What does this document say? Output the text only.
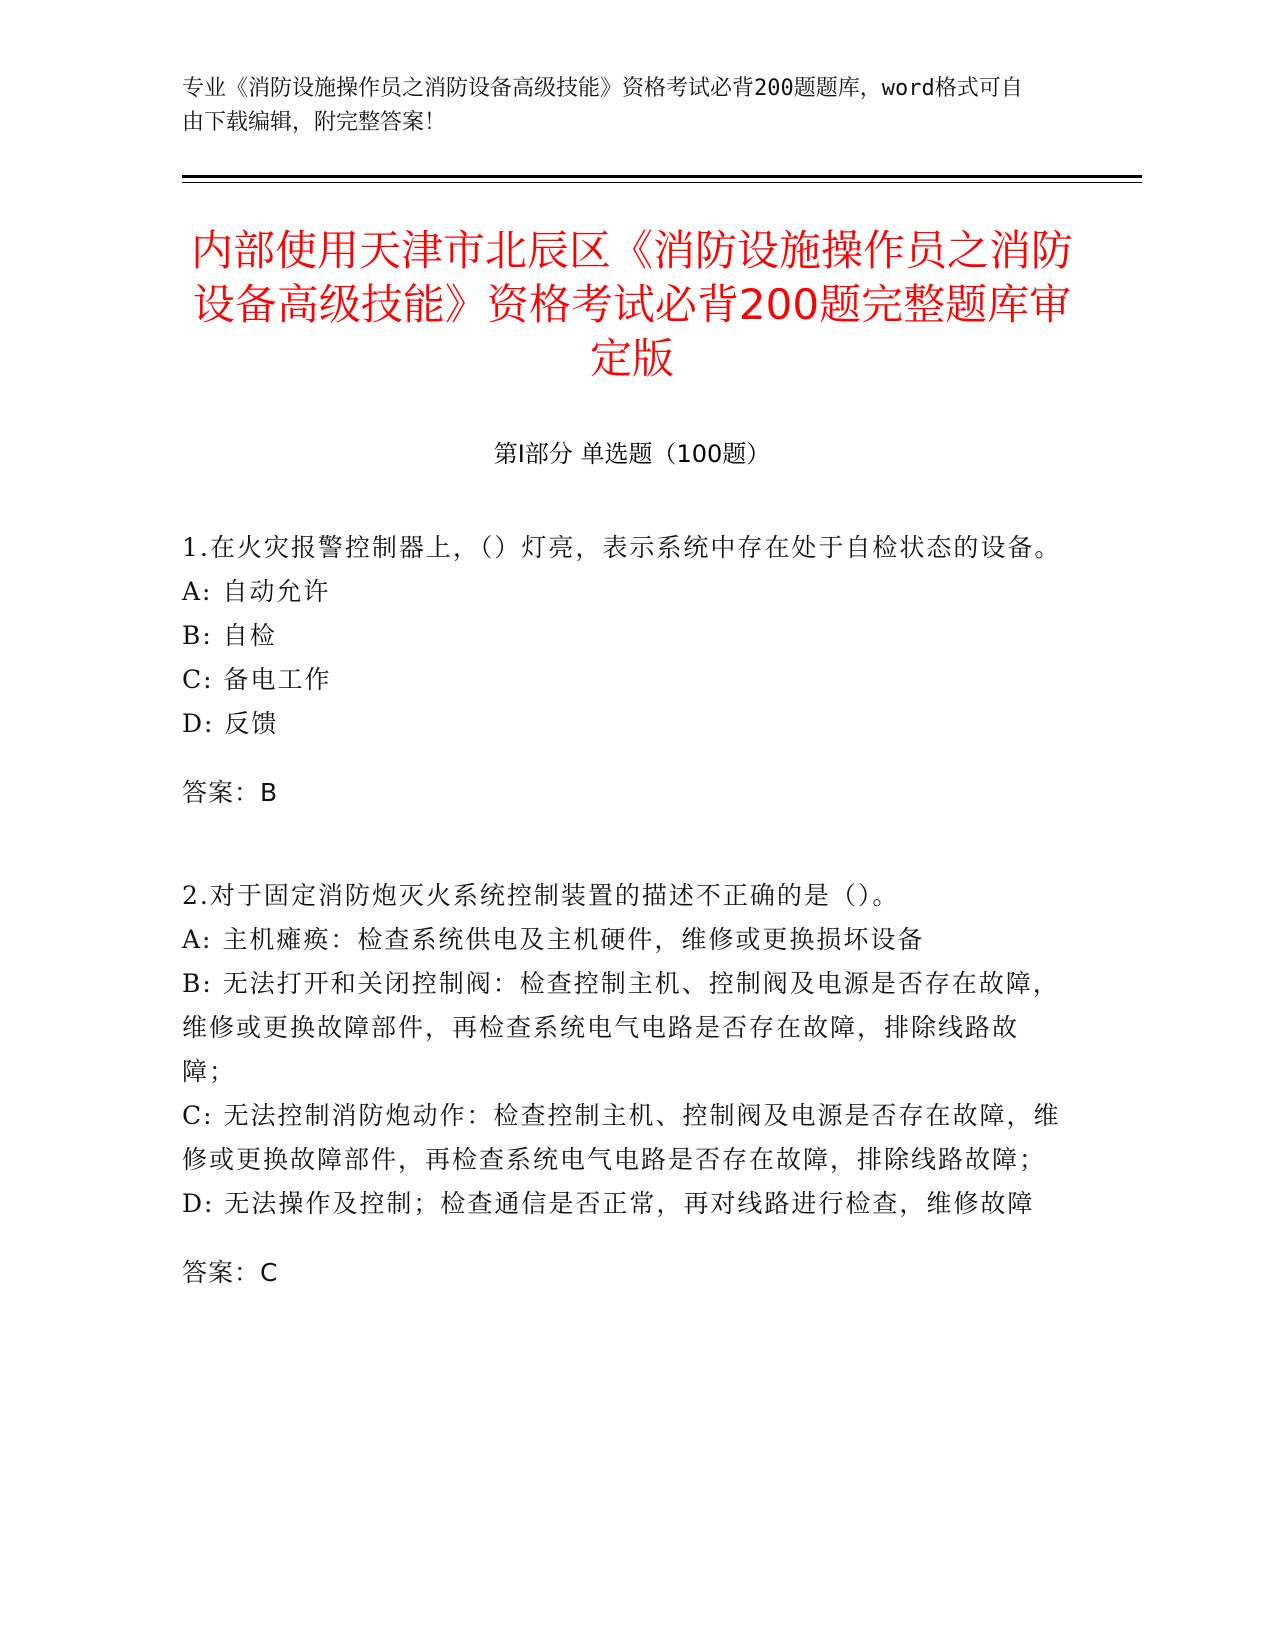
专业《消防设施操作员之消防设备高级技能》资格考试必背200题题库，word格式可自由下载编辑，附完整答案！
内部使用天津市北辰区《消防设施操作员之消防设备高级技能》资格考试必背200题完整题库审定版
第Ⅰ部分 单选题（100题）

1.在火灾报警控制器上，（）灯亮，表示系统中存在处于自检状态的设备。

A: 自动允许

B: 自检

C: 备电工作

D: 反馈

答案：B

2.对于固定消防炮灭火系统控制装置的描述不正确的是（）。

A: 主机瘫痪：检查系统供电及主机硬件，维修或更换损坏设备

B: 无法打开和关闭控制阀：检查控制主机、控制阀及电源是否存在故障，维修或更换故障部件，再检查系统电气电路是否存在故障，排除线路故障；

C: 无法控制消防炮动作：检查控制主机、控制阀及电源是否存在故障，维修或更换故障部件，再检查系统电气电路是否存在故障，排除线路故障；

D: 无法操作及控制；检查通信是否正常，再对线路进行检查，维修故障

答案：C
